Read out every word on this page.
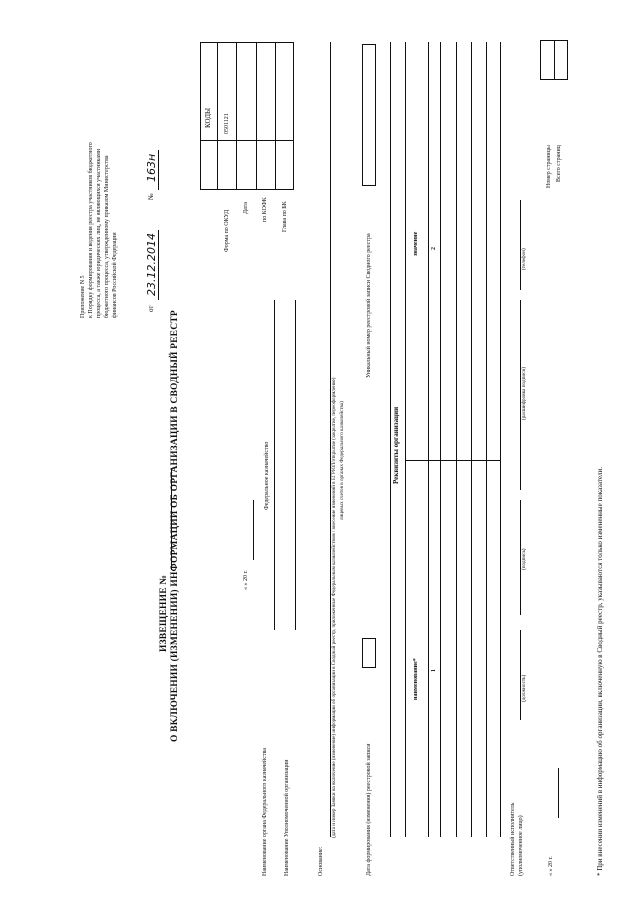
Приложение N 5 к Порядку формирования и ведения реестра участников бюджетного процесса, а также юридических лиц, не являющихся участниками бюджетного процесса, утвержденному приказом Министерства финансов Российской Федерации
ИЗВЕЩЕНИЕ № О ВКЛЮЧЕНИИ (ИЗМЕНЕНИИ) ИНФОРМАЦИИ ОБ ОРГАНИЗАЦИИ В СВОДНЫЙ РЕЕСТР
от
23.12.2014
№
163н
КОДЫ 0501121
Форма по ОКУД
Дата по КОФК Глава по БК
« » 20 г.
Наименование органа Федерального казначейства
Федеральное казначейство
Наименование Уполномоченной организации	Основание:
(дата и номер Заявки на включение (изменение) информации об организации в Сводный реестр, приложенные Федеральным казначейством / внесение изменений в ЕГРЮЛ/открытие (закрытие, переоформление) лицевых счетов в органах Федерального казначейства)
Дата формирования (изменения) реестровой записи
Уникальный номер реестровой записи Сводного реестра
Реквизиты организации
наименование*
значение
1
2
Номер страницы Всего страниц
Ответственный исполнитель (уполномоченное лицо)
(должность)
(подпись)
(расшифровка подписи)
(телефон)
« » 20 г.	* При внесении изменений в информацию об организации, включенную в Сводный реестр, указываются только измененные показатели.
